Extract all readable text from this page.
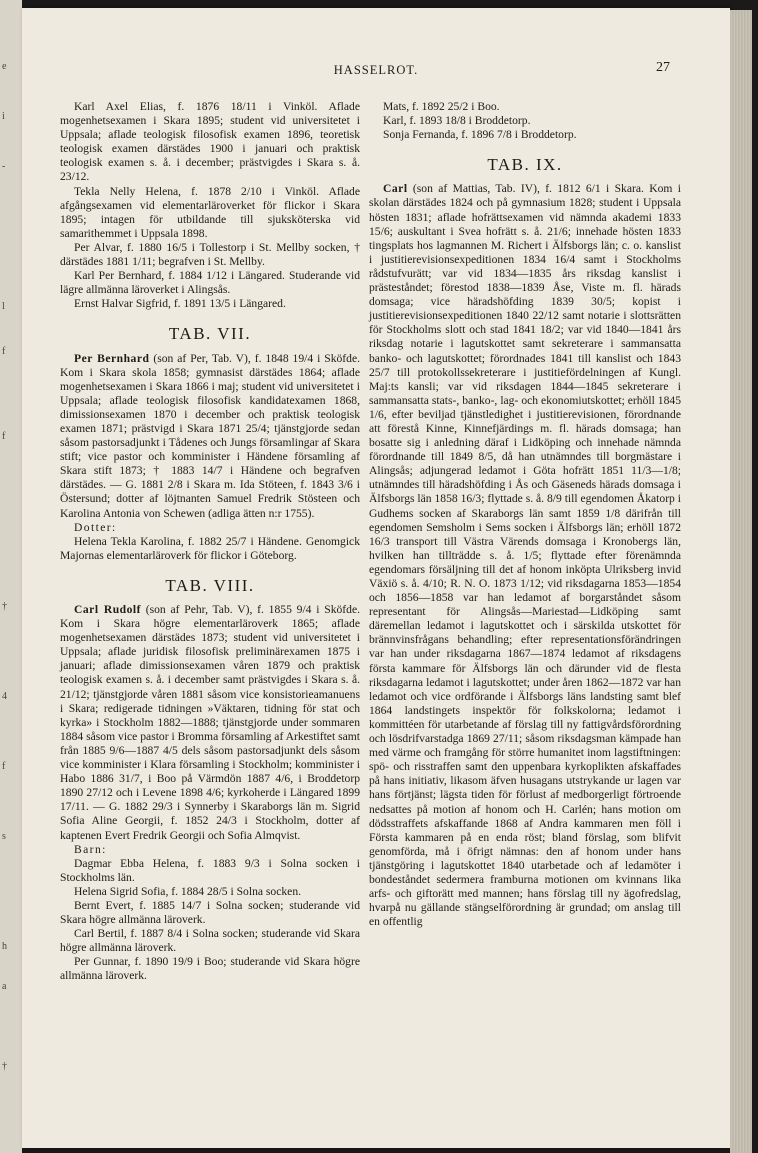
e
i
-
l
f
f
†
4
f
s
h
a
†
HASSELROT.	27

Karl Axel Elias, f. 1876 18/11 i Vinköl. Aflade mogenhetsexamen i Skara 1895; student vid universitetet i Uppsala; aflade teologisk filosofisk examen 1896, teoretisk teologisk examen därstädes 1900 i januari och praktisk teologisk examen s. å. i december; prästvigdes i Skara s. å. 23/12.

Tekla Nelly Helena, f. 1878 2/10 i Vinköl. Aflade afgångsexamen vid elementarläroverket för flickor i Skara 1895; intagen för utbildande till sjuksköterska vid samarithemmet i Uppsala 1898.

Per Alvar, f. 1880 16/5 i Tollestorp i St. Mellby socken, † därstädes 1881 1/11; begrafven i St. Mellby.

Karl Per Bernhard, f. 1884 1/12 i Längared. Studerande vid lägre allmänna läroverket i Alingsås.

Ernst Halvar Sigfrid, f. 1891 13/5 i Längared.

TAB. VII.

Per Bernhard (son af Per, Tab. V), f. 1848 19/4 i Sköfde. Kom i Skara skola 1858; gymnasist därstädes 1864; aflade mogenhetsexamen i Skara 1866 i maj; student vid universitetet i Uppsala; aflade teologisk filosofisk kandidatexamen 1868, dimissionsexamen 1870 i december och praktisk teologisk examen 1871; prästvigd i Skara 1871 25/4; tjänstgjorde sedan såsom pastorsadjunkt i Tådenes och Jungs församlingar af Skara stift; vice pastor och komminister i Händene församling af Skara stift 1873; † 1883 14/7 i Händene och begrafven därstädes. — G. 1881 2/8 i Skara m. Ida Stöteen, f. 1843 3/6 i Östersund; dotter af löjtnanten Samuel Fredrik Stösteen och Karolina Antonia von Schewen (adliga ätten n:r 1755).

Dotter:

Helena Tekla Karolina, f. 1882 25/7 i Händene. Genomgick Majornas elementarläroverk för flickor i Göteborg.

TAB. VIII.

Carl Rudolf (son af Pehr, Tab. V), f. 1855 9/4 i Sköfde. Kom i Skara högre elementarläroverk 1865; aflade mogenhetsexamen därstädes 1873; student vid universitetet i Uppsala; aflade juridisk filosofisk preliminärexamen 1875 i januari; aflade dimissionsexamen våren 1879 och praktisk teologisk examen s. å. i december samt prästvigdes i Skara s. å. 21/12; tjänstgjorde våren 1881 såsom vice konsistorieamanuens i Skara; redigerade tidningen »Väktaren, tidning för stat och kyrka» i Stockholm 1882—1888; tjänstgjorde under sommaren 1884 såsom vice pastor i Bromma församling af Arkestiftet samt från 1885 9/6—1887 4/5 dels såsom pastorsadjunkt dels såsom vice komminister i Klara församling i Stockholm; komminister i Habo 1886 31/7, i Boo på Värmdön 1887 4/6, i Broddetorp 1890 27/12 och i Levene 1898 4/6; kyrkoherde i Längared 1899 17/11. — G. 1882 29/3 i Synnerby i Skaraborgs län m. Sigrid Sofia Aline Georgii, f. 1852 24/3 i Stockholm, dotter af kaptenen Evert Fredrik Georgii och Sofia Almqvist.

Barn:

Dagmar Ebba Helena, f. 1883 9/3 i Solna socken i Stockholms län.

Helena Sigrid Sofia, f. 1884 28/5 i Solna socken.

Bernt Evert, f. 1885 14/7 i Solna socken; studerande vid Skara högre allmänna läroverk.

Carl Bertil, f. 1887 8/4 i Solna socken; studerande vid Skara högre allmänna läroverk.

Per Gunnar, f. 1890 19/9 i Boo; studerande vid Skara högre allmänna läroverk.

Mats, f. 1892 25/2 i Boo.

Karl, f. 1893 18/8 i Broddetorp.

Sonja Fernanda, f. 1896 7/8 i Broddetorp.

TAB. IX.

Carl (son af Mattias, Tab. IV), f. 1812 6/1 i Skara. Kom i skolan därstädes 1824 och på gymnasium 1828; student i Uppsala hösten 1831; aflade hofrättsexamen vid nämnda akademi 1833 15/6; auskultant i Svea hofrätt s. å. 21/6; innehade hösten 1833 tingsplats hos lagmannen M. Richert i Älfsborgs län; c. o. kanslist i justitierevisionsexpeditionen 1834 16/4 samt i Stockholms rådstufvurätt; var vid 1834—1835 års riksdag kanslist i prästeståndet; förestod 1838—1839 Åse, Viste m. fl. härads domsaga; vice häradshöfding 1839 30/5; kopist i justitierevisionsexpeditionen 1840 22/12 samt notarie i slottsrätten för Stockholms slott och stad 1841 18/2; var vid 1840—1841 års riksdag notarie i lagutskottet samt sekreterare i sammansatta banko- och lagutskottet; förordnades 1841 till kanslist och 1843 25/7 till protokollssekreterare i justitiefördelningen af Kungl. Maj:ts kansli; var vid riksdagen 1844—1845 sekreterare i sammansatta stats-, banko-, lag- och ekonomiutskottet; erhöll 1845 1/6, efter beviljad tjänstledighet i justitierevisionen, förordnande att förestå Kinne, Kinnefjärdings m. fl. härads domsaga; han bosatte sig i anledning däraf i Lidköping och innehade nämnda förordnande till 1849 8/5, då han utnämndes till borgmästare i Alingsås; adjungerad ledamot i Göta hofrätt 1851 11/3—1/8; utnämndes till häradshöfding i Ås och Gäseneds härads domsaga i Älfsborgs län 1858 16/3; flyttade s. å. 8/9 till egendomen Åkatorp i Gudhems socken af Skaraborgs län samt 1859 1/8 därifrån till egendomen Semsholm i Sems socken i Älfsborgs län; erhöll 1872 16/3 transport till Västra Värends domsaga i Kronobergs län, hvilken han tillträdde s. å. 1/5; flyttade efter förenämnda egendomars försäljning till det af honom inköpta Ulriksberg invid Växiö s. å. 4/10; R. N. O. 1873 1/12; vid riksdagarna 1853—1854 och 1856—1858 var han ledamot af borgarståndet såsom representant för Alingsås—Mariestad—Lidköping samt däremellan ledamot i lagutskottet och i särskilda utskottet för brännvinsfrågans behandling; efter representationsförändringen var han under riksdagarna 1867—1874 ledamot af riksdagens första kammare för Älfsborgs län och därunder vid de flesta riksdagarna ledamot i lagutskottet; under åren 1862—1872 var han ledamot och vice ordförande i Älfsborgs läns landsting samt blef 1864 landstingets inspektör för folkskolorna; ledamot i kommittéen för utarbetande af förslag till ny fattigvårdsförordning och lösdrifvarstadga 1869 27/11; såsom riksdagsman kämpade han med värme och framgång för större humanitet inom lagstiftningen: spö- och risstraffen samt den uppenbara kyrkoplikten afskaffades på hans initiativ, likasom äfven husagans utstrykande ur lagen var hans förtjänst; lägsta tiden för förlust af medborgerligt förtroende nedsattes på motion af honom och H. Carlén; hans motion om dödsstraffets afskaffande 1868 af Andra kammaren men föll i Första kammaren på en enda röst; bland förslag, som blifvit genomförda, må i öfrigt nämnas: den af honom under hans tjänstgöring i lagutskottet 1840 utarbetade och af ledamöter i bondeståndet sedermera framburna motionen om kvinnans lika arfs- och giftorätt med mannen; hans förslag till ny ägofredslag, hvarpå nu gällande stängselförordning är grundad; om anslag till en offentlig
